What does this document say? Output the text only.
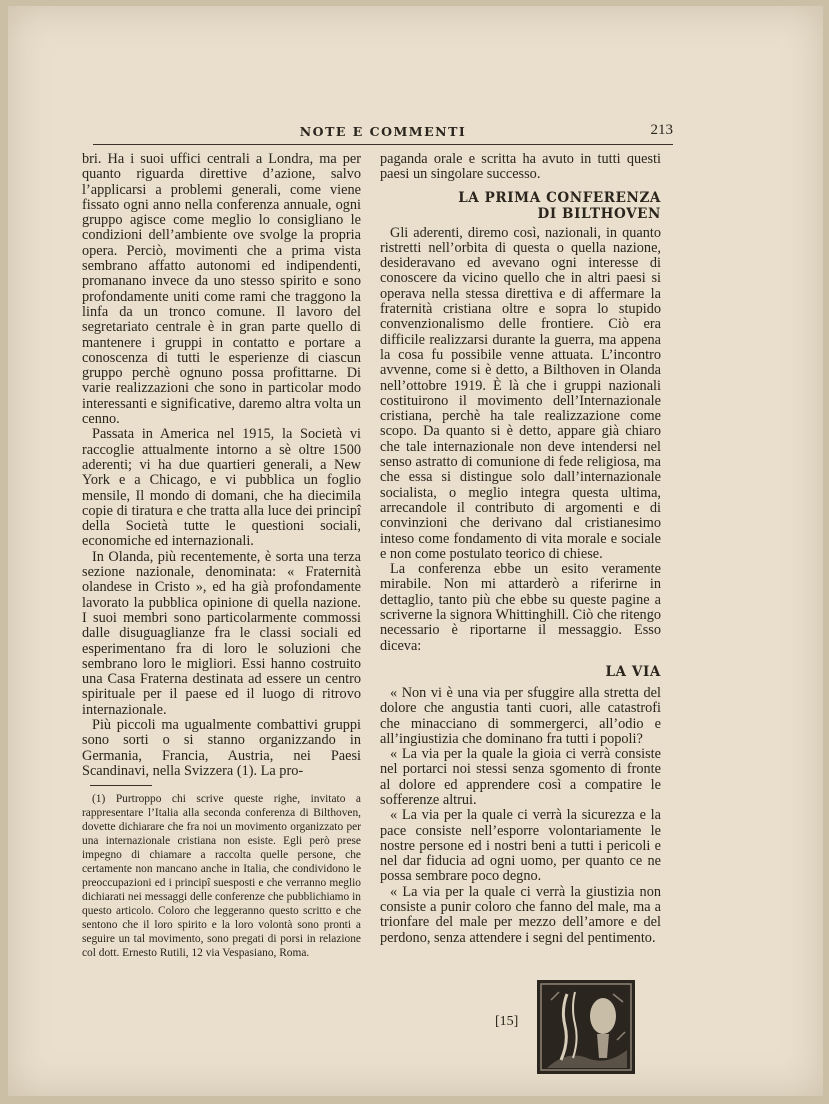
NOTE E COMMENTI	213

bri. Ha i suoi uffici centrali a Londra, ma per quanto riguarda direttive d’azione, salvo l’applicarsi a problemi generali, come viene fissato ogni anno nella conferenza annuale, ogni gruppo agisce come meglio lo consigliano le condizioni dell’ambiente ove svolge la propria opera. Perciò, movimenti che a prima vista sembrano affatto autonomi ed indipendenti, promanano invece da uno stesso spirito e sono profondamente uniti come rami che traggono la linfa da un tronco comune. Il lavoro del segretariato centrale è in gran parte quello di mantenere i gruppi in contatto e portare a conoscenza di tutti le esperienze di ciascun gruppo perchè ognuno possa profittarne. Di varie realizzazioni che sono in particolar modo interessanti e significative, daremo altra volta un cenno.

Passata in America nel 1915, la Società vi raccoglie attualmente intorno a sè oltre 1500 aderenti; vi ha due quartieri generali, a New York e a Chicago, e vi pubblica un foglio mensile, Il mondo di domani, che ha diecimila copie di tiratura e che tratta alla luce dei principî della Società tutte le questioni sociali, economiche ed internazionali.

In Olanda, più recentemente, è sorta una terza sezione nazionale, denominata: « Fraternità olandese in Cristo », ed ha già profondamente lavorato la pubblica opinione di quella nazione. I suoi membri sono particolarmente commossi dalle disuguaglianze fra le classi sociali ed esperimentano fra di loro le soluzioni che sembrano loro le migliori. Essi hanno costruito una Casa Fraterna destinata ad essere un centro spirituale per il paese ed il luogo di ritrovo internazionale.

Più piccoli ma ugualmente combattivi gruppi sono sorti o si stanno organizzando in Germania, Francia, Austria, nei Paesi Scandinavi, nella Svizzera (1). La pro-

(1) Purtroppo chi scrive queste righe, invitato a rappresentare l’Italia alla seconda conferenza di Bilthoven, dovette dichiarare che fra noi un movimento organizzato per una internazionale cristiana non esiste. Egli però prese impegno di chiamare a raccolta quelle persone, che certamente non mancano anche in Italia, che condividono le preoccupazioni ed i principî suesposti e che verranno meglio dichiarati nei messaggi delle conferenze che pubblichiamo in questo articolo. Coloro che leggeranno questo scritto e che sentono che il loro spirito e la loro volontà sono pronti a seguire un tal movimento, sono pregati di porsi in relazione col dott. Ernesto Rutili, 12 via Vespasiano, Roma.

paganda orale e scritta ha avuto in tutti questi paesi un singolare successo.

LA PRIMA CONFERENZA
DI BILTHOVEN

Gli aderenti, diremo così, nazionali, in quanto ristretti nell’orbita di questa o quella nazione, desideravano ed avevano ogni interesse di conoscere da vicino quello che in altri paesi si operava nella stessa direttiva e di affermare la fraternità cristiana oltre e sopra lo stupido convenzionalismo delle frontiere. Ciò era difficile realizzarsi durante la guerra, ma appena la cosa fu possibile venne attuata. L’incontro avvenne, come si è detto, a Bilthoven in Olanda nell’ottobre 1919. È là che i gruppi nazionali costituirono il movimento dell’Internazionale cristiana, perchè ha tale realizzazione come scopo. Da quanto si è detto, appare già chiaro che tale internazionale non deve intendersi nel senso astratto di comunione di fede religiosa, ma che essa si distingue solo dall’internazionale socialista, o meglio integra questa ultima, arrecandole il contributo di argomenti e di convinzioni che derivano dal cristianesimo inteso come fondamento di vita morale e sociale e non come postulato teorico di chiese.

La conferenza ebbe un esito veramente mirabile. Non mi attarderò a riferirne in dettaglio, tanto più che ebbe su queste pagine a scriverne la signora Whittinghill. Ciò che ritengo necessario è riportarne il messaggio. Esso diceva:

LA VIA

« Non vi è una via per sfuggire alla stretta del dolore che angustia tanti cuori, alle catastrofi che minacciano di sommergerci, all’odio e all’ingiustizia che dominano fra tutti i popoli?

« La via per la quale la gioia ci verrà consiste nel portarci noi stessi senza sgomento di fronte al dolore ed apprendere così a compatire le sofferenze altrui.

« La via per la quale ci verrà la sicurezza e la pace consiste nell’esporre volontariamente le nostre persone ed i nostri beni a tutti i pericoli e nel dar fiducia ad ogni uomo, per quanto ce ne possa sembrare poco degno.

« La via per la quale ci verrà la giustizia non consiste a punir coloro che fanno del male, ma a trionfare del male per mezzo dell’amore e del perdono, senza attendere i segni del pentimento.

[15]
